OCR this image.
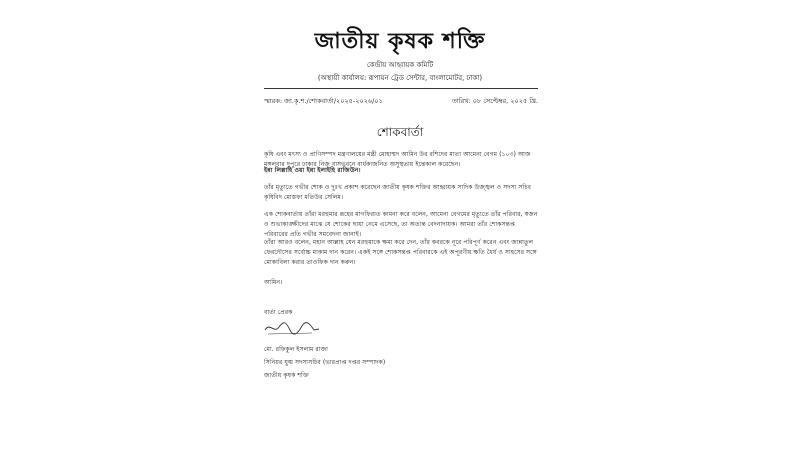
জাতীয় কৃষক শক্তি
কেন্দ্রীয় আহ্বায়ক কমিটি
(অস্থায়ী কার্যালয়: রূপায়ন ট্রেড সেন্টার, বাংলামোটর, ঢাকা)
স্মারক: জা.কৃ.শ./শোকবার্তা/২০২৫-২০২৬/০১	তারিখ: ০৮ সেপ্টেম্বর, ২০২৫ খ্রি.
শোকবার্তা
কৃষি এবং মৎস্য ও প্রাণিসম্পদ মন্ত্রণালয়ের মন্ত্রী মোহাম্মদ আমিন উর রশিদের মাতা আমেনা বেগম (১০৩) আজ মঙ্গলবার দুপুরে ঢাকার নিজ বাসভবনে বার্ধক্যজনিত অসুস্থতায় ইন্তেকাল করেছেন।
ইন্না লিল্লাহি ওয়া ইন্না ইলাইহি রাজিউন।
তাঁর মৃত্যুতে গভীর শোক ও দুঃখ প্রকাশ করেছেন জাতীয় কৃষক শক্তির আহ্বায়ক সাদিক উজ্জ্বল ও সদস্য সচিব কৃষিবিদ মোস্তফা মতিউর সেলিম।
এক শোকবার্তায় তাঁরা মরহুমার রূহের মাগফিরাত কামনা করে বলেন, আমেনা বেগমের মৃত্যুতে তাঁর পরিবার, স্বজন ও শুভাকাঙ্ক্ষীদের মাঝে যে শোকের ছায়া নেমে এসেছে, তা অত্যন্ত বেদনাদায়ক। আমরা তাঁর শোকসন্তপ্ত পরিবারের প্রতি গভীর সমবেদনা জানাই।
তাঁরা আরও বলেন, মহান আল্লাহ যেন মরহুমাকে ক্ষমা করে দেন, তাঁর কবরকে নূরে পরিপূর্ণ করেন এবং জান্নাতুল ফেরদৌসের সর্বোচ্চ মাকাম দান করেন। একই সঙ্গে শোকসন্তপ্ত পরিবারকে এই অপূরণীয় ক্ষতি ধৈর্য ও সাহসের সঙ্গে মোকাবিলা করার তাওফিক দান করুন।
আমিন।
বার্তা প্রেরক
মো. রফিকুল ইসলাম রাজা
সিনিয়র যুগ্ম সদস্যসচিব (ভারপ্রাপ্ত দপ্তর সম্পাদক)
জাতীয় কৃষক শক্তি
